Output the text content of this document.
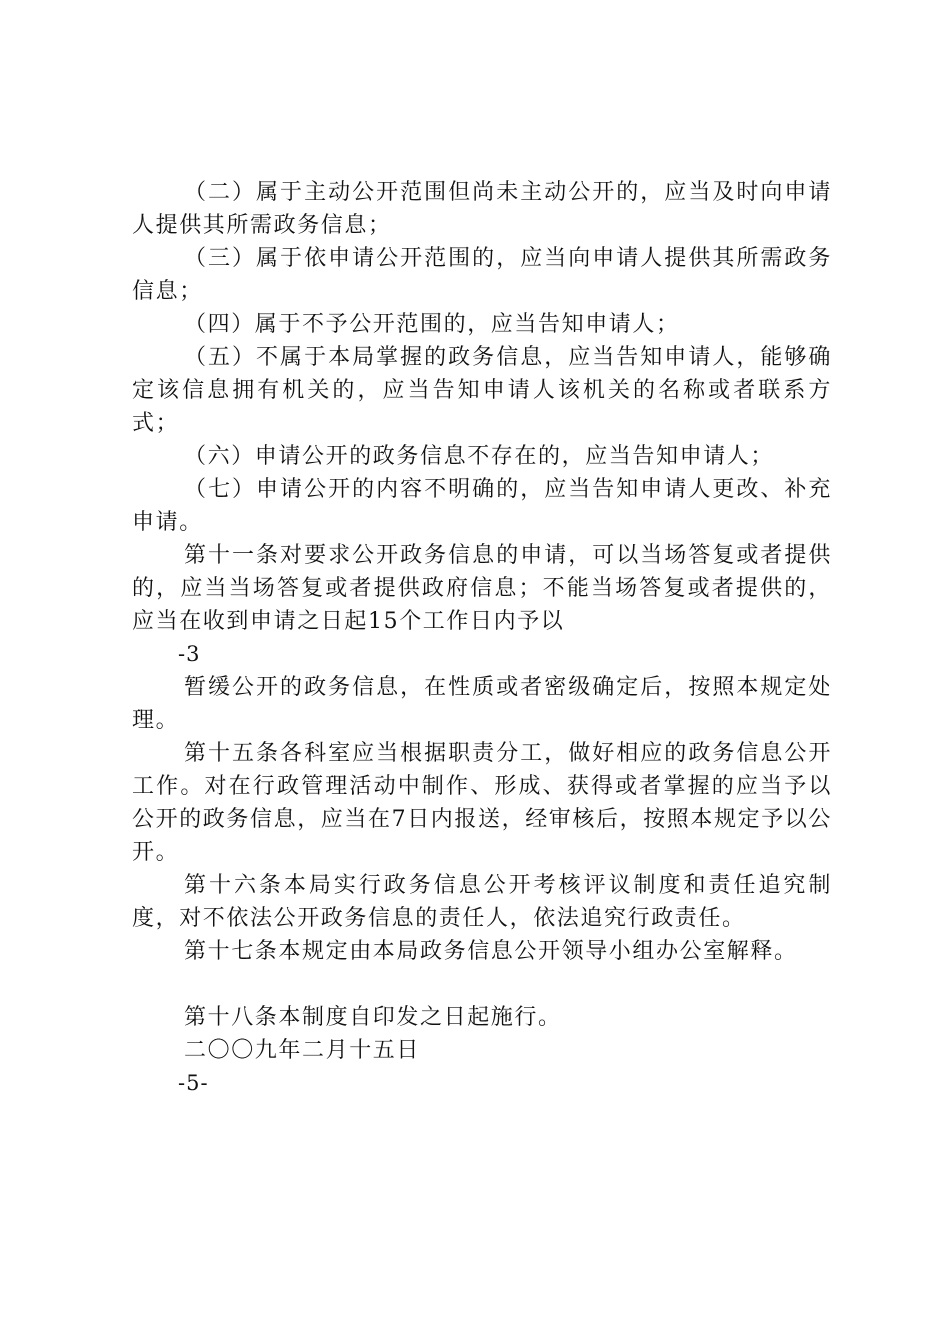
（二）属于主动公开范围但尚未主动公开的，应当及时向申请人提供其所需政务信息；

（三）属于依申请公开范围的，应当向申请人提供其所需政务信息；

（四）属于不予公开范围的，应当告知申请人；

（五）不属于本局掌握的政务信息，应当告知申请人，能够确定该信息拥有机关的，应当告知申请人该机关的名称或者联系方式；

（六）申请公开的政务信息不存在的，应当告知申请人；

（七）申请公开的内容不明确的，应当告知申请人更改、补充申请。

第十一条对要求公开政务信息的申请，可以当场答复或者提供的，应当当场答复或者提供政府信息；不能当场答复或者提供的，应当在收到申请之日起15个工作日内予以

-3

暂缓公开的政务信息，在性质或者密级确定后，按照本规定处理。

第十五条各科室应当根据职责分工，做好相应的政务信息公开工作。对在行政管理活动中制作、形成、获得或者掌握的应当予以公开的政务信息，应当在7日内报送，经审核后，按照本规定予以公开。

第十六条本局实行政务信息公开考核评议制度和责任追究制度，对不依法公开政务信息的责任人，依法追究行政责任。

第十七条本规定由本局政务信息公开领导小组办公室解释。

第十八条本制度自印发之日起施行。

二〇〇九年二月十五日

-5-
